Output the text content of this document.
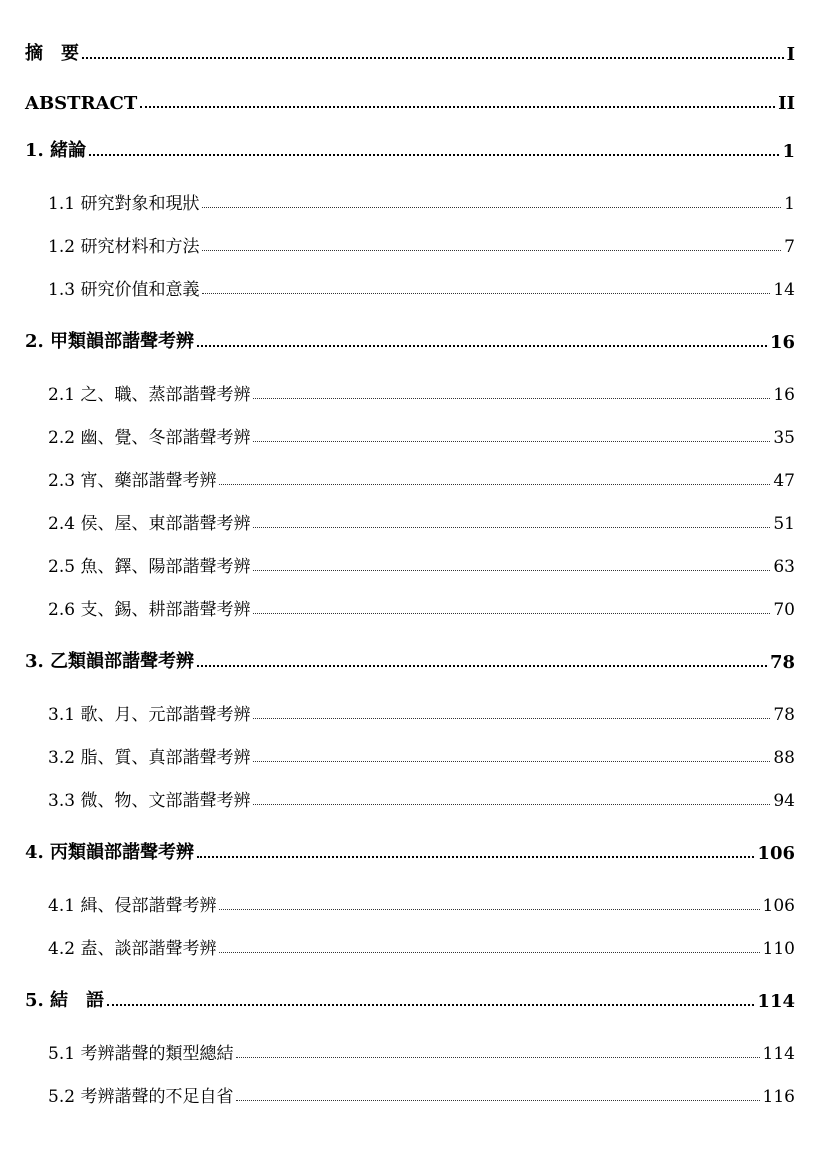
摘　要	I
ABSTRACT	II
1. 緒論	1
1.1 研究對象和現狀	1
1.2 研究材料和方法	7
1.3 研究价值和意義	14
2. 甲類韻部諧聲考辨	16
2.1 之、職、蒸部諧聲考辨	16
2.2 幽、覺、冬部諧聲考辨	35
2.3 宵、藥部諧聲考辨	47
2.4 侯、屋、東部諧聲考辨	51
2.5 魚、鐸、陽部諧聲考辨	63
2.6 支、錫、耕部諧聲考辨	70
3. 乙類韻部諧聲考辨	78
3.1 歌、月、元部諧聲考辨	78
3.2 脂、質、真部諧聲考辨	88
3.3 微、物、文部諧聲考辨	94
4. 丙類韻部諧聲考辨	106
4.1 緝、侵部諧聲考辨	106
4.2 盍、談部諧聲考辨	110
5. 結　語	114
5.1 考辨諧聲的類型總結	114
5.2 考辨諧聲的不足自省	116
